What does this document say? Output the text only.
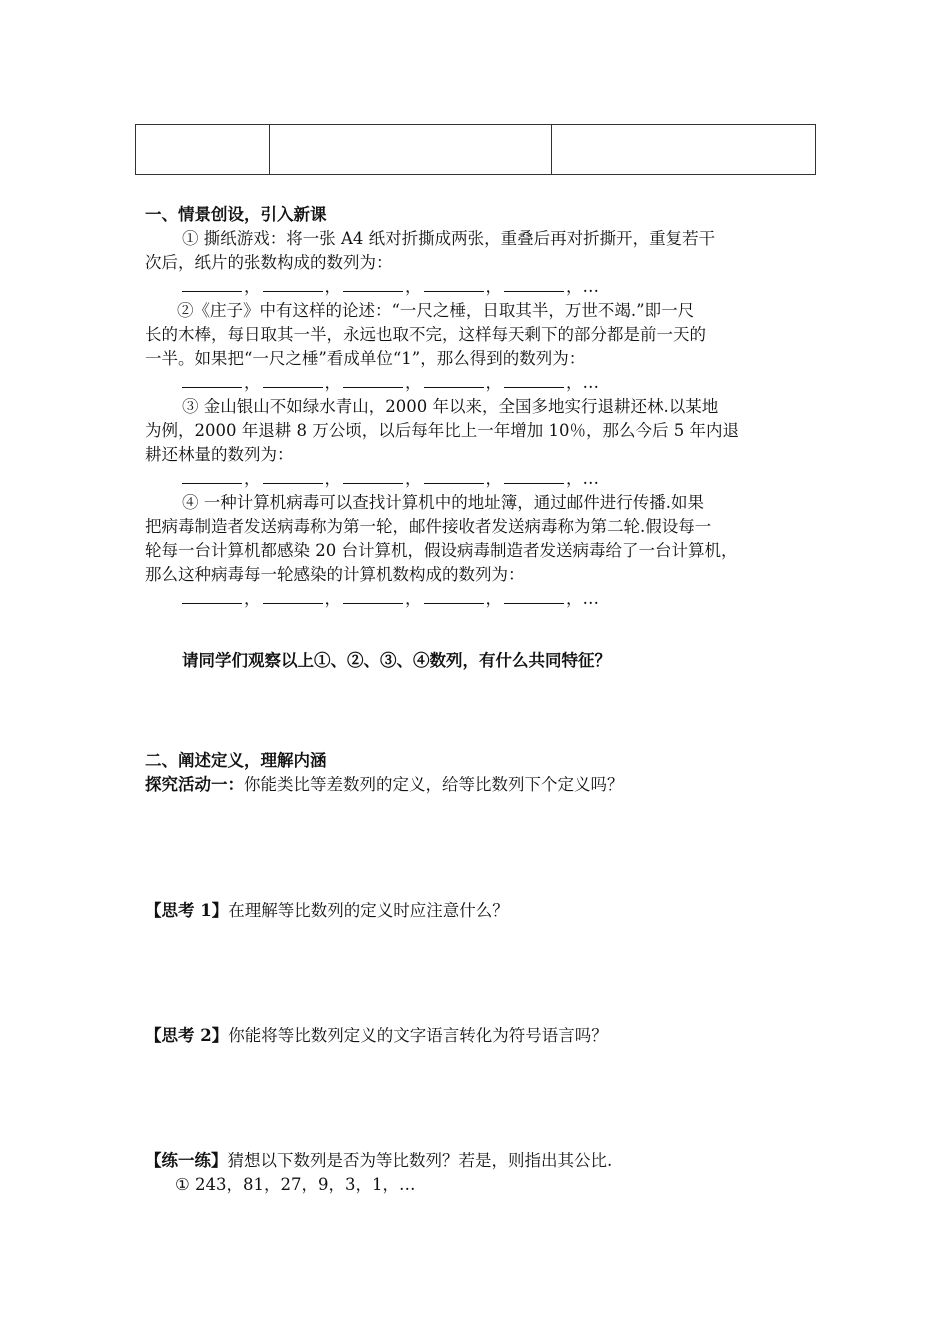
一、情景创设，引入新课
① 撕纸游戏：将一张 A4 纸对折撕成两张，重叠后再对折撕开，重复若干
次后，纸片的张数构成的数列为：
，	，	，	，	，…
②《庄子》中有这样的论述：“一尺之棰，日取其半，万世不竭.”即一尺
长的木棒，每日取其一半，永远也取不完，这样每天剩下的部分都是前一天的
一半。如果把“一尺之棰”看成单位“1”，那么得到的数列为：
，	，	，	，	，…
③ 金山银山不如绿水青山，2000 年以来，全国多地实行退耕还林.以某地
为例，2000 年退耕 8 万公顷，以后每年比上一年增加 10％，那么今后 5 年内退
耕还林量的数列为：
，	，	，	，	，…
④ 一种计算机病毒可以查找计算机中的地址簿，通过邮件进行传播.如果
把病毒制造者发送病毒称为第一轮，邮件接收者发送病毒称为第二轮.假设每一
轮每一台计算机都感染 20 台计算机，假设病毒制造者发送病毒给了一台计算机，
那么这种病毒每一轮感染的计算机数构成的数列为：
，	，	，	，	，…
请同学们观察以上①、②、③、④数列，有什么共同特征？
二、阐述定义，理解内涵
探究活动一：你能类比等差数列的定义，给等比数列下个定义吗？
【思考 1】在理解等比数列的定义时应注意什么？
【思考 2】你能将等比数列定义的文字语言转化为符号语言吗？
【练一练】猜想以下数列是否为等比数列？若是，则指出其公比.
① 243，81，27，9，3，1，…
